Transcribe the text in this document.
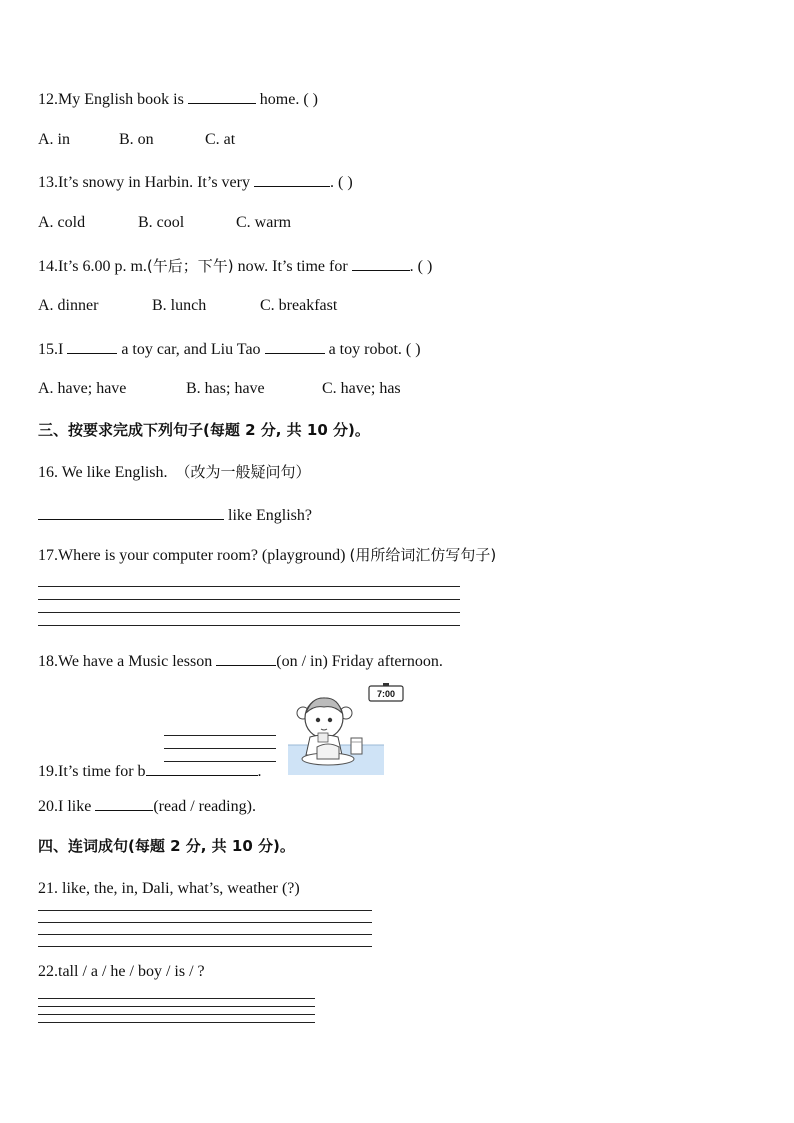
12.My English book is	home. ( )
A. in	B. on	C. at
13.It’s snowy in Harbin. It’s very	. ( )
A. cold	B. cool	C. warm
14.It’s 6.00 p. m.(午后；下午) now. It’s time for	. ( )
A. dinner	B. lunch	C. breakfast
15.I	a toy car, and Liu Tao	a toy robot. ( )
A. have; have	B. has; have	C. have; has
三、按要求完成下列句子(每题 2 分, 共 10 分)。
16. We like English. （改为一般疑问句）
like English?
17.Where is your computer room? (playground) (用所给词汇仿写句子)
18.We have a Music lesson	(on / in) Friday afternoon.
19.It’s time for b	.
7:00
20.I like	(read / reading).
四、连词成句(每题 2 分, 共 10 分)。
21. like, the, in, Dali, what’s, weather (?)
22.tall / a / he / boy / is / ?
